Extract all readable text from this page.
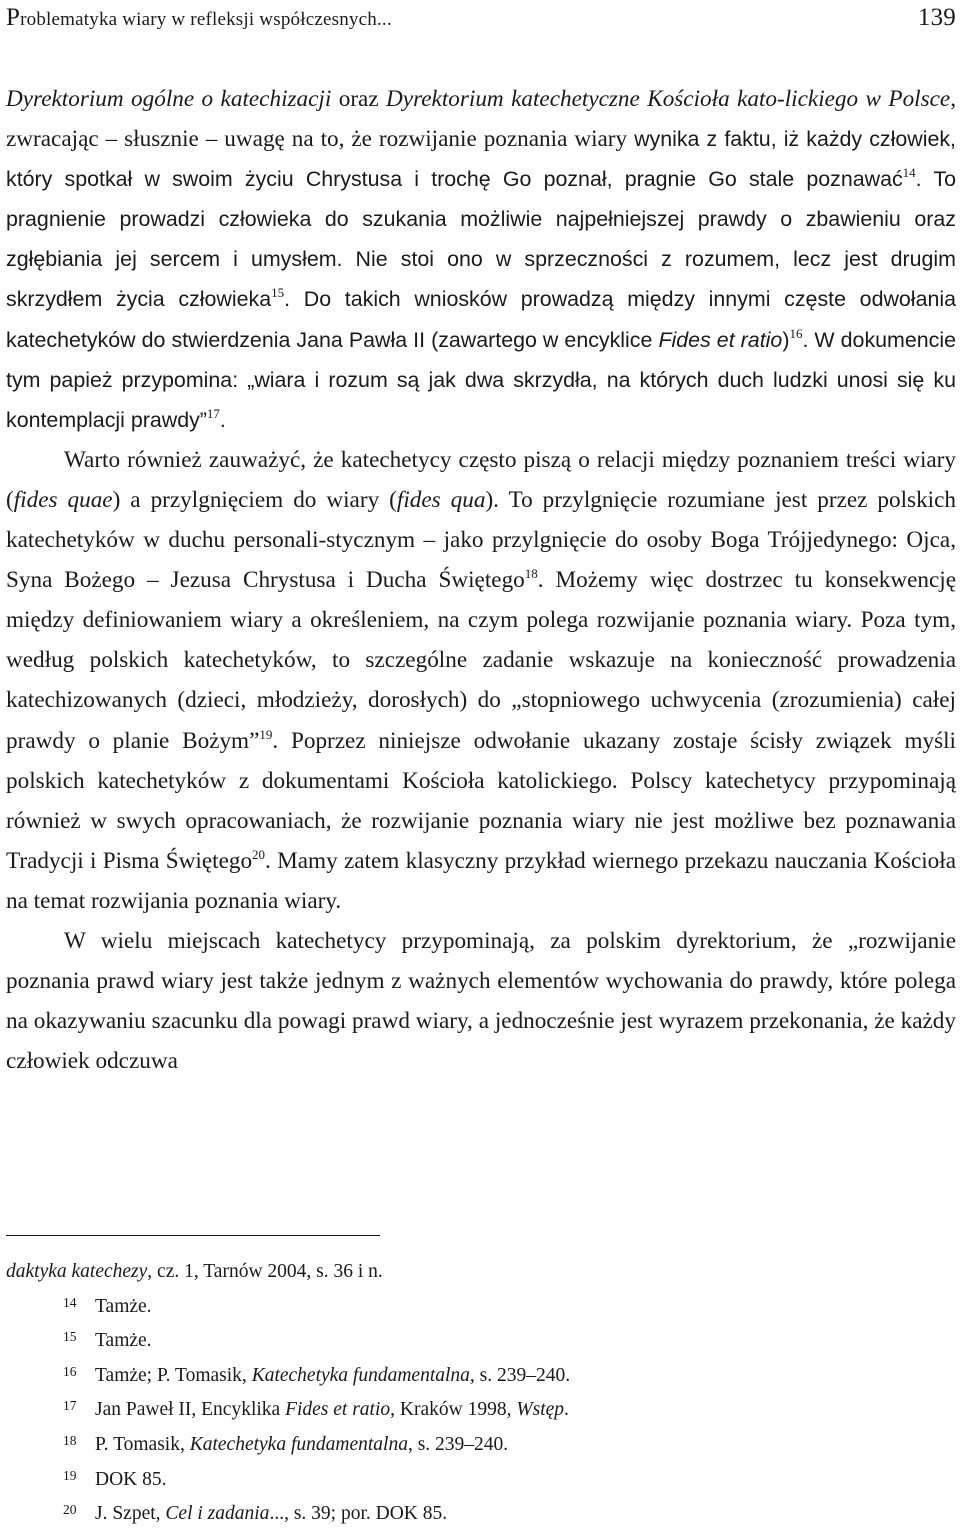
Problematyka wiary w refleksji współczesnych...	139

Dyrektorium ogólne o katechizacji oraz Dyrektorium katechetyczne Kościoła kato-lickiego w Polsce, zwracając – słusznie – uwagę na to, że rozwijanie poznania wiary wynika z faktu, iż każdy człowiek, który spotkał w swoim życiu Chrystusa i trochę Go poznał, pragnie Go stale poznawać$^{14}$. To pragnienie prowadzi człowieka do szukania możliwie najpełniejszej prawdy o zbawieniu oraz zgłębiania jej sercem i umysłem. Nie stoi ono w sprzeczności z rozumem, lecz jest drugim skrzydłem życia człowieka$^{15}$. Do takich wniosków prowadzą między innymi częste odwołania katechetyków do stwierdzenia Jana Pawła II (zawartego w encyklice Fides et ratio)$^{16}$. W dokumencie tym papież przypomina: „wiara i rozum są jak dwa skrzydła, na których duch ludzki unosi się ku kontemplacji prawdy”$^{17}$.

Warto również zauważyć, że katechetycy często piszą o relacji między poznaniem treści wiary (fides quae) a przylgnięciem do wiary (fides qua). To przylgnięcie rozumiane jest przez polskich katechetyków w duchu personali-stycznym – jako przylgnięcie do osoby Boga Trójjedynego: Ojca, Syna Bożego – Jezusa Chrystusa i Ducha Świętego$^{18}$. Możemy więc dostrzec tu konsekwencję między definiowaniem wiary a określeniem, na czym polega rozwijanie poznania wiary. Poza tym, według polskich katechetyków, to szczególne zadanie wskazuje na konieczność prowadzenia katechizowanych (dzieci, młodzieży, dorosłych) do „stopniowego uchwycenia (zrozumienia) całej prawdy o planie Bożym”$^{19}$. Poprzez niniejsze odwołanie ukazany zostaje ścisły związek myśli polskich katechetyków z dokumentami Kościoła katolickiego. Polscy katechetycy przypominają również w swych opracowaniach, że rozwijanie poznania wiary nie jest możliwe bez poznawania Tradycji i Pisma Świętego$^{20}$. Mamy zatem klasyczny przykład wiernego przekazu nauczania Kościoła na temat rozwijania poznania wiary.

W wielu miejscach katechetycy przypominają, za polskim dyrektorium, że „rozwijanie poznania prawd wiary jest także jednym z ważnych elementów wychowania do prawdy, które polega na okazywaniu szacunku dla powagi prawd wiary, a jednocześnie jest wyrazem przekonania, że każdy człowiek odczuwa

daktyka katechezy, cz. 1, Tarnów 2004, s. 36 i n.
14 Tamże.
15 Tamże.
16 Tamże; P. Tomasik, Katechetyka fundamentalna, s. 239–240.
17 Jan Paweł II, Encyklika Fides et ratio, Kraków 1998, Wstęp.
18 P. Tomasik, Katechetyka fundamentalna, s. 239–240.
19 DOK 85.
20 J. Szpet, Cel i zadania..., s. 39; por. DOK 85.
